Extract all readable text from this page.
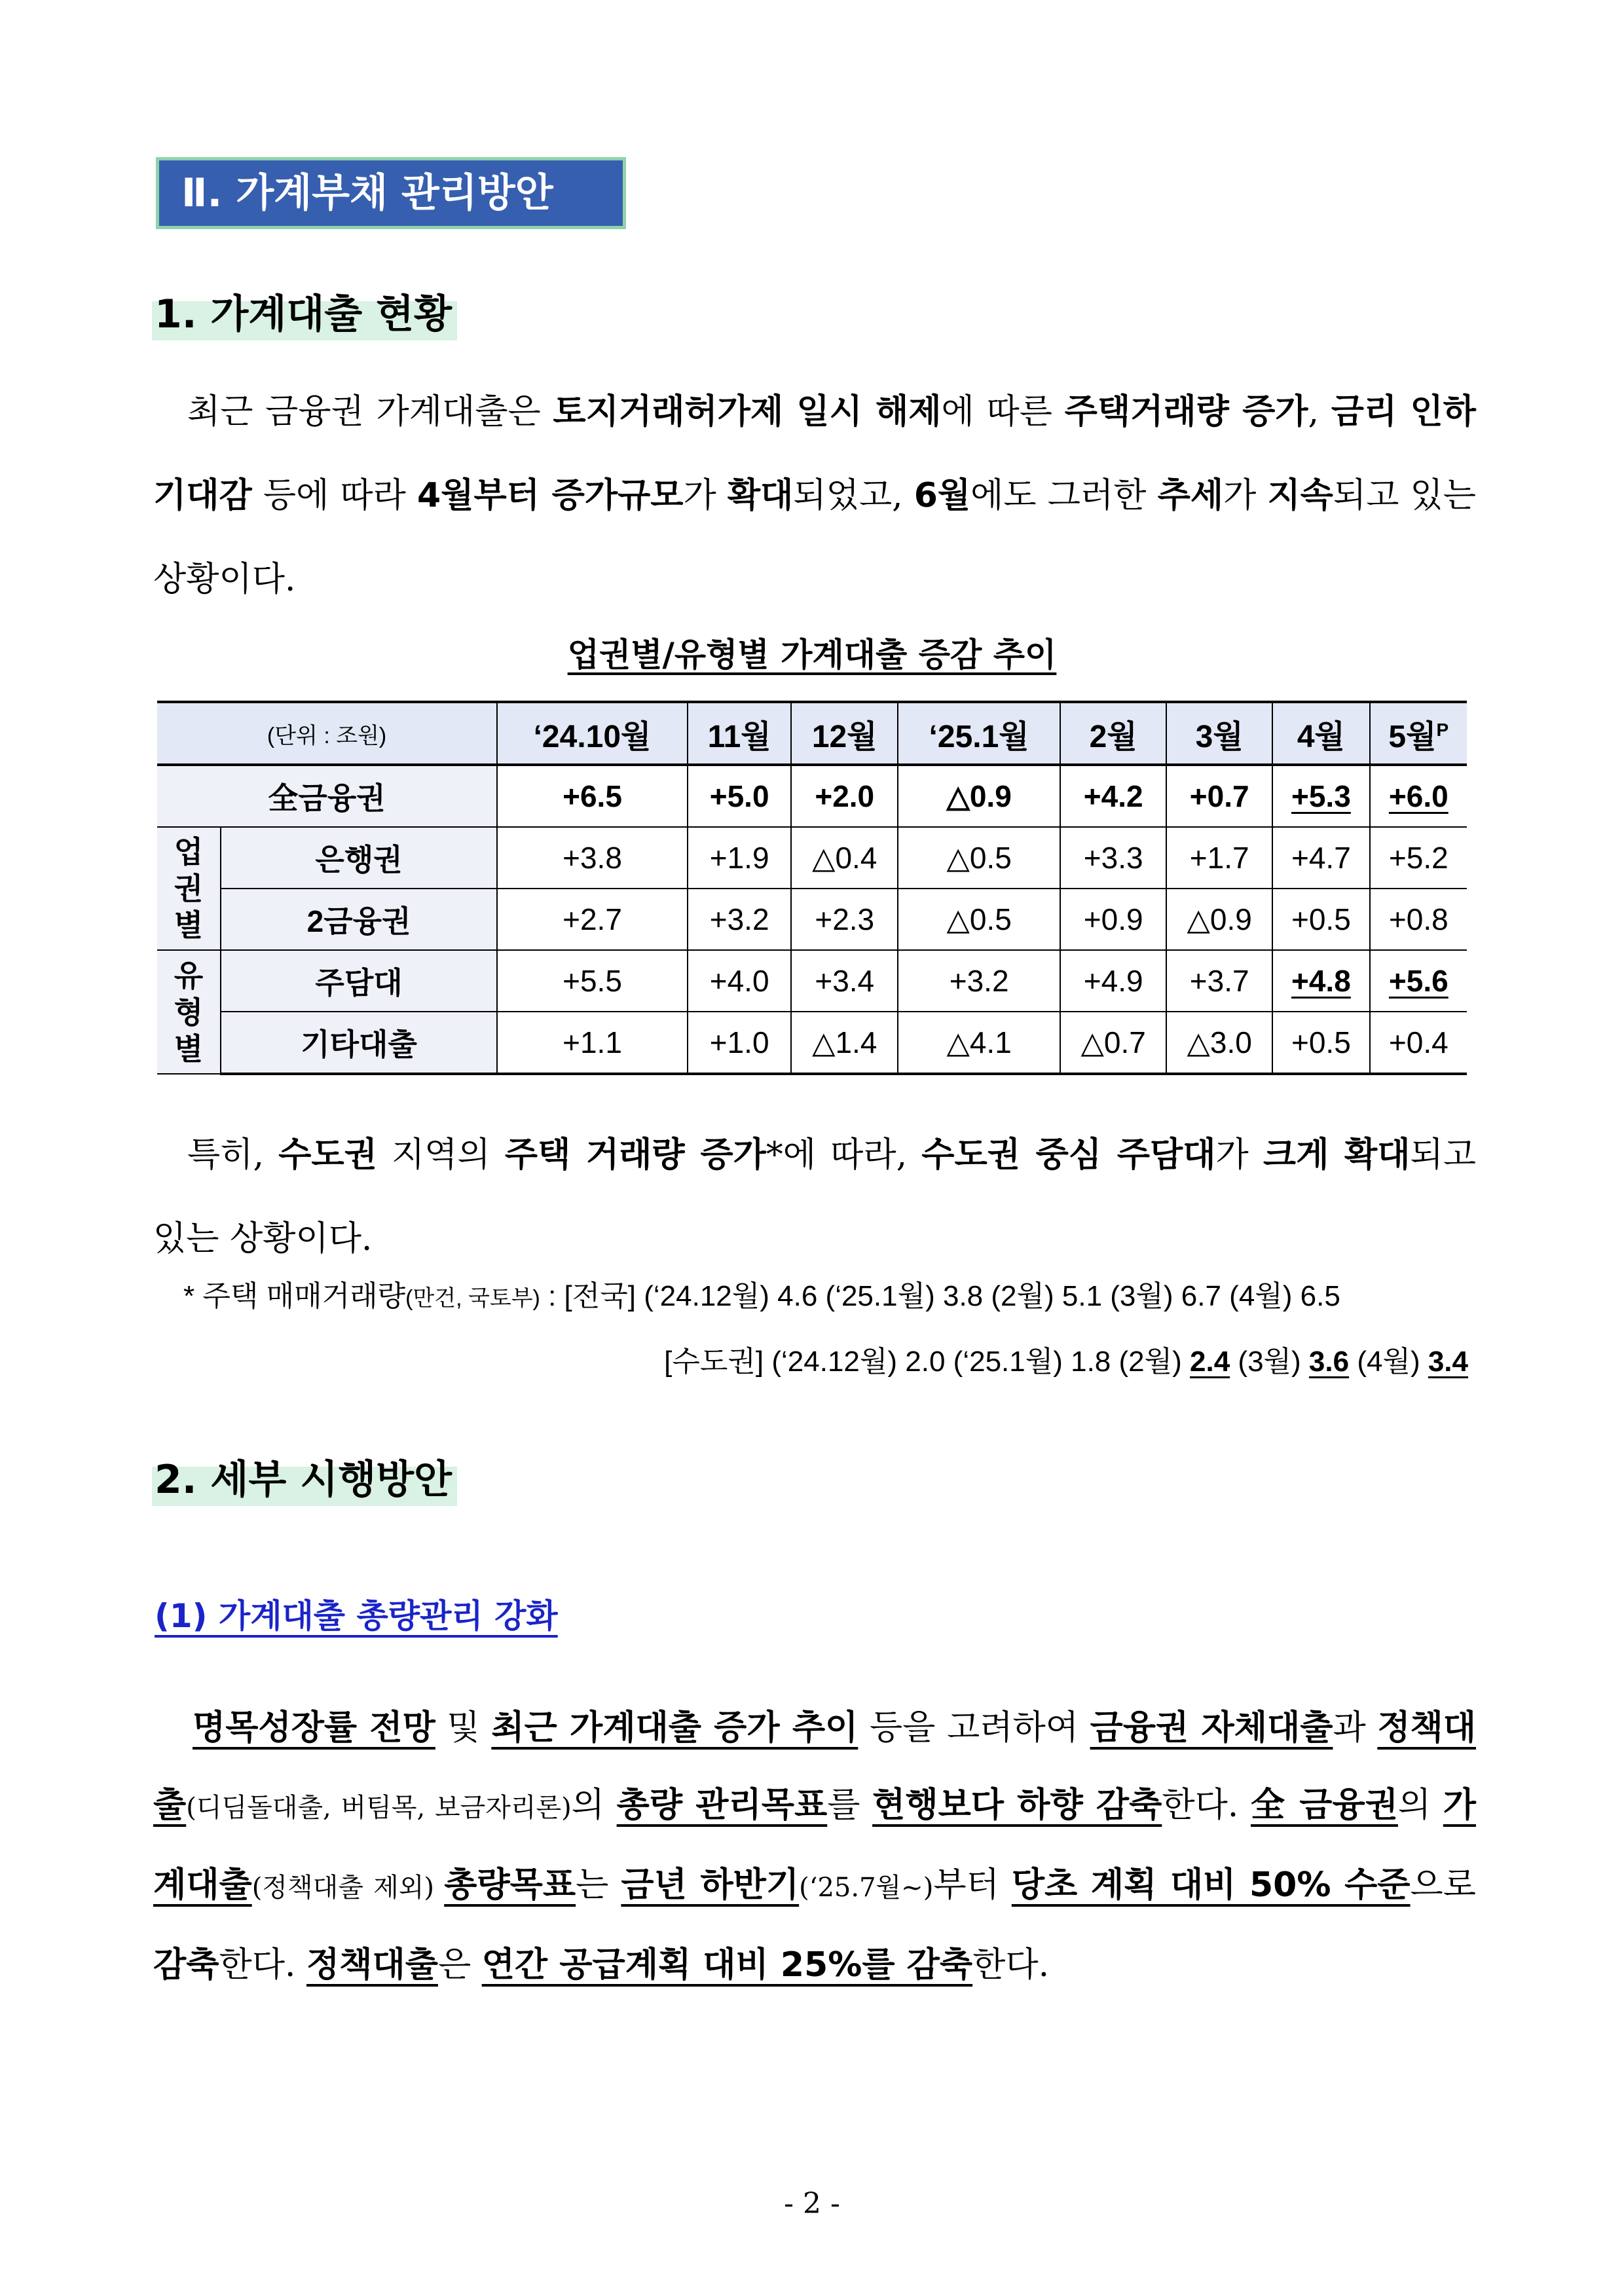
Ⅱ. 가계부채 관리방안
1. 가계대출 현황

최근 금융권 가계대출은 토지거래허가제 일시 해제에 따른 주택거래량 증가, 금리 인하 기대감 등에 따라 4월부터 증가규모가 확대되었고, 6월에도 그러한 추세가 지속되고 있는 상황이다.

업권별/유형별 가계대출 증감 추이
(단위 : 조원)		‘24.10월	11월	12월	‘25.1월	2월	3월	4월	5월$^P$
全금융권		+6.5	+5.0	+2.0	△0.9	+4.2	+0.7	+5.3	+6.0
업
권
별	은행권	+3.8	+1.9	△0.4	△0.5	+3.3	+1.7	+4.7	+5.2
	2금융권	+2.7	+3.2	+2.3	△0.5	+0.9	△0.9	+0.5	+0.8
유
형
별	주담대	+5.5	+4.0	+3.4	+3.2	+4.9	+3.7	+4.8	+5.6
	기타대출	+1.1	+1.0	△1.4	△4.1	△0.7	△3.0	+0.5	+0.4

특히, 수도권 지역의 주택 거래량 증가*에 따라, 수도권 중심 주담대가 크게 확대되고 있는 상황이다.

* 주택 매매거래량(만건, 국토부) : [전국] (‘24.12월) 4.6 (‘25.1월) 3.8 (2월) 5.1 (3월) 6.7 (4월) 6.5
[수도권] (‘24.12월) 2.0 (‘25.1월) 1.8 (2월) 2.4 (3월) 3.6 (4월) 3.4
2. 세부 시행방안
(1) 가계대출 총량관리 강화

명목성장률 전망 및 최근 가계대출 증가 추이 등을 고려하여 금융권 자체대출과 정책대출(디딤돌대출, 버팀목, 보금자리론)의 총량 관리목표를 현행보다 하향 감축한다. 全 금융권의 가계대출(정책대출 제외) 총량목표는 금년 하반기(‘25.7월~)부터 당초 계획 대비 50% 수준으로 감축한다. 정책대출은 연간 공급계획 대비 25%를 감축한다.

- 2 -
